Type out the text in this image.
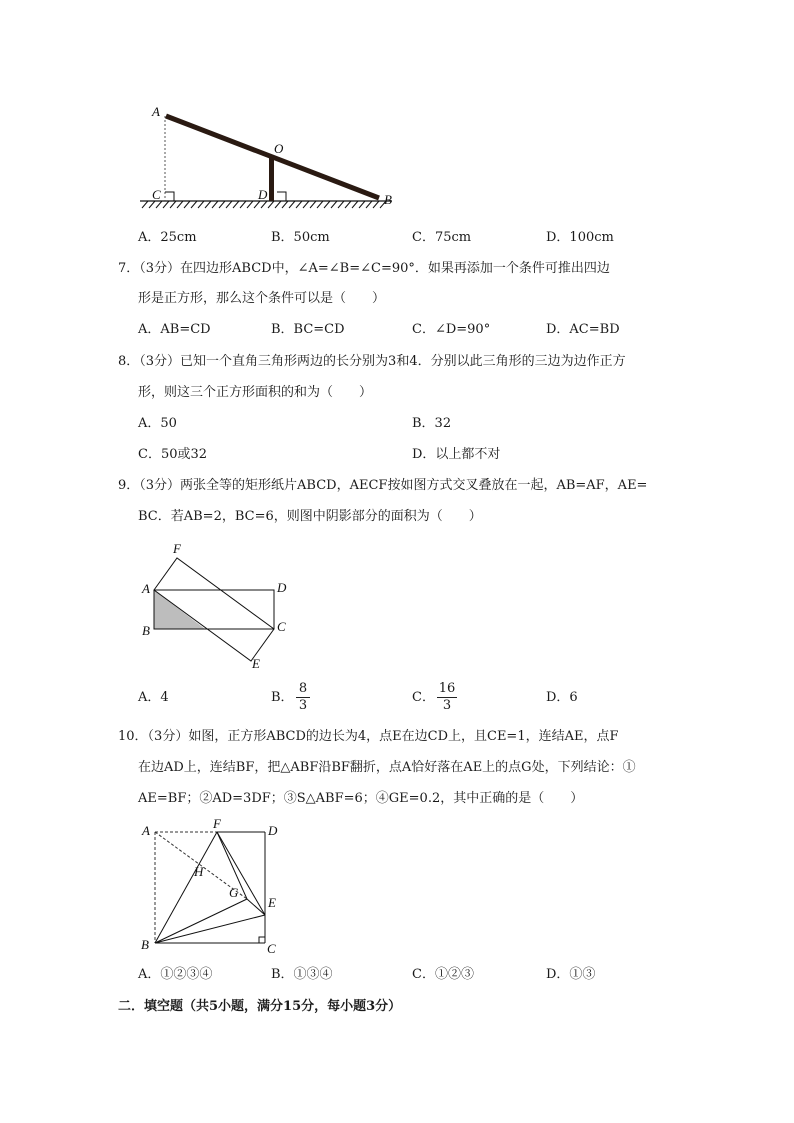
A
O
C	D	B
A．25cm	B．50cm	C．75cm	D．100cm
7．（3分）在四边形ABCD中，∠A=∠B=∠C=90°．如果再添加一个条件可推出四边
形是正方形，那么这个条件可以是（　　）
A．AB=CD	B．BC=CD	C．∠D=90°	D．AC=BD
8．（3分）已知一个直角三角形两边的长分别为3和4．分别以此三角形的三边为边作正方
形，则这三个正方形面积的和为（　　）
A．50	B．32
C．50或32	D．以上都不对
9．（3分）两张全等的矩形纸片ABCD，AECF按如图方式交叉叠放在一起，AB=AF，AE=
BC．若AB=2，BC=6，则图中阴影部分的面积为（　　）
F
A	D
B	C
E
A．4	B． $\frac{8}{3}$	C． $\frac{16}{3}$	D．6
10．（3分）如图，正方形ABCD的边长为4，点E在边CD上，且CE=1，连结AE，点F
在边AD上，连结BF，把△ABF沿BF翻折，点A恰好落在AE上的点G处，下列结论：①
AE=BF；②AD=3DF；③S△ABF=6；④GE=0.2，其中正确的是（　　）
A	F	D
H
G
E
B	C
A．①②③④	B．①③④	C．①②③	D．①③
二．填空题（共5小题，满分15分，每小题3分）
